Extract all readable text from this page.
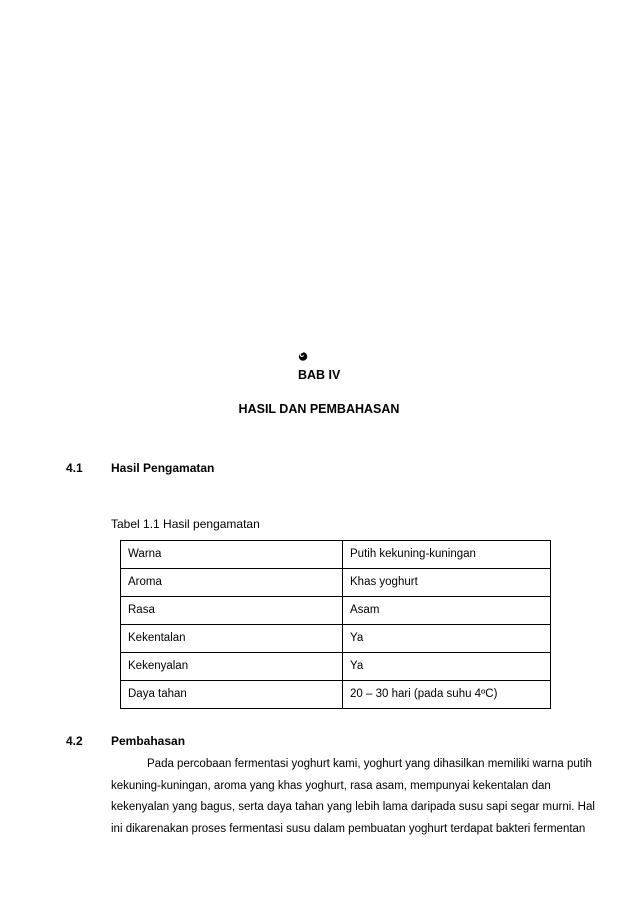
BAB IV
HASIL DAN PEMBAHASAN
4.1 Hasil Pengamatan
Tabel 1.1 Hasil pengamatan
Warna	Putih kekuning-kuningan
Aroma	Khas yoghurt
Rasa	Asam
Kekentalan	Ya
Kekenyalan	Ya
Daya tahan	20 – 30 hari (pada suhu 4ºC)
4.2 Pembahasan
Pada percobaan fermentasi yoghurt kami, yoghurt yang dihasilkan memiliki warna putih
kekuning-kuningan, aroma yang khas yoghurt, rasa asam, mempunyai kekentalan dan
kekenyalan yang bagus, serta daya tahan yang lebih lama daripada susu sapi segar murni. Hal
ini dikarenakan proses fermentasi susu dalam pembuatan yoghurt terdapat bakteri fermentan
